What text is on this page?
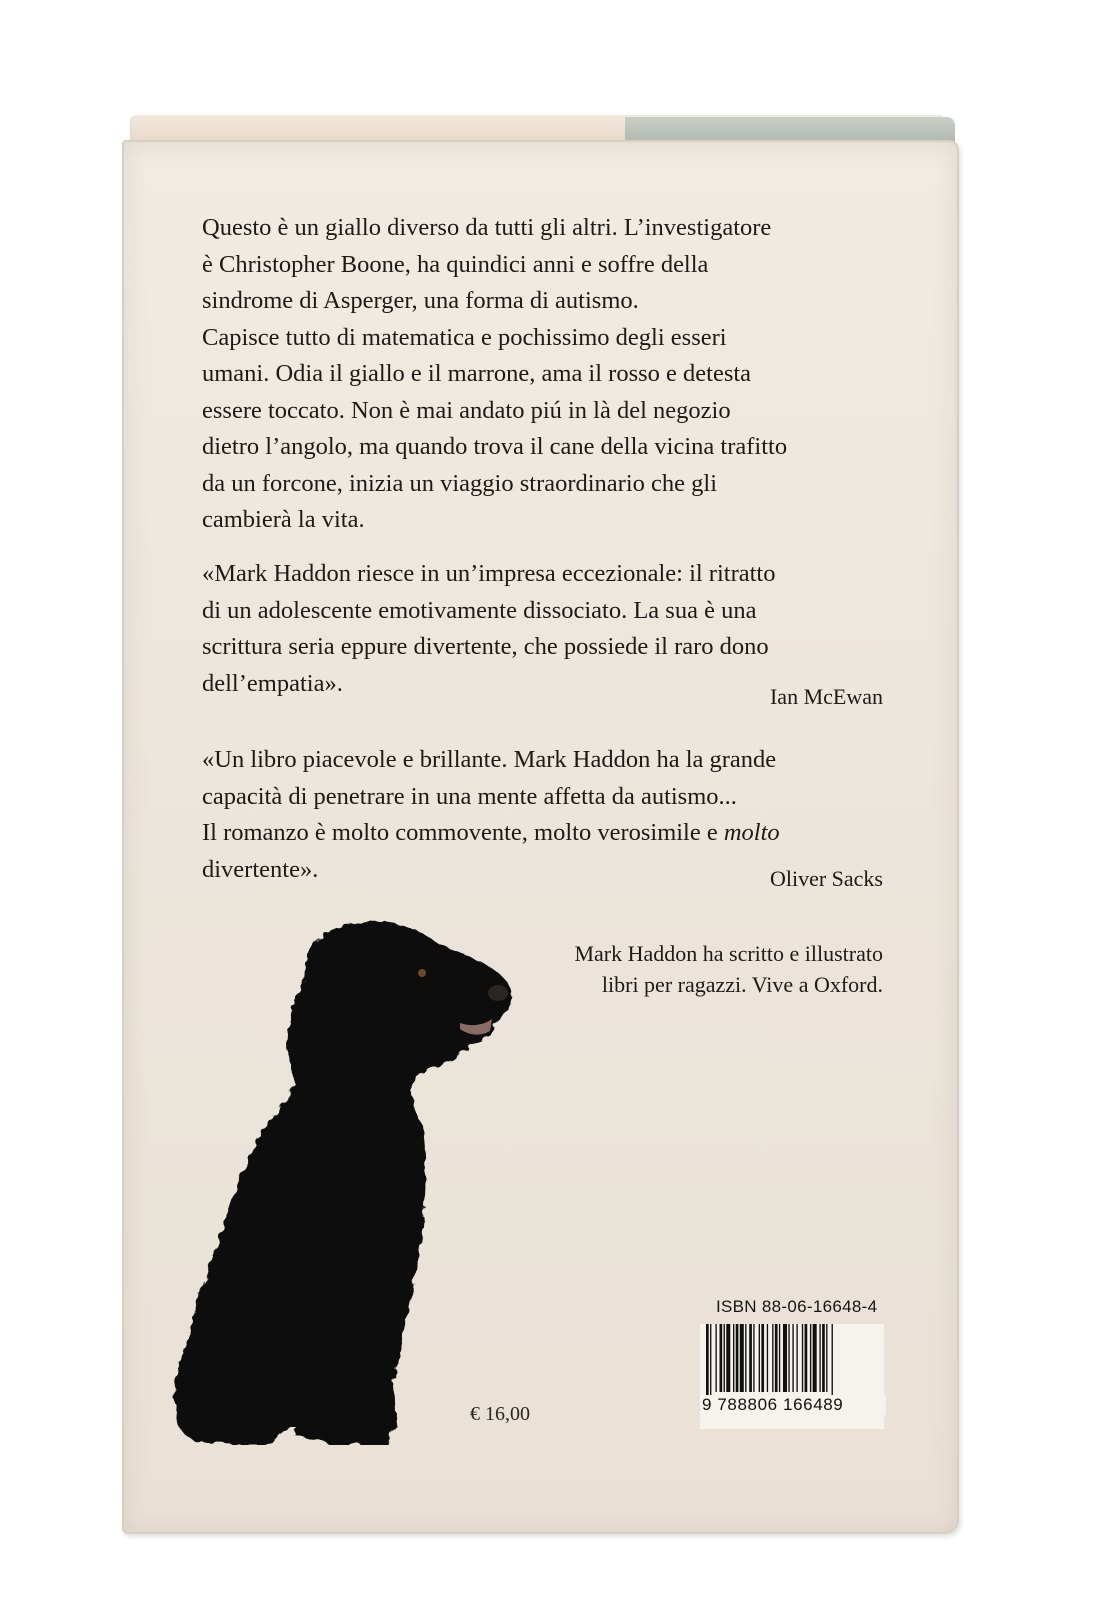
Questo è un giallo diverso da tutti gli altri. L’investigatore
è Christopher Boone, ha quindici anni e soffre della
sindrome di Asperger, una forma di autismo.
Capisce tutto di matematica e pochissimo degli esseri
umani. Odia il giallo e il marrone, ama il rosso e detesta
essere toccato. Non è mai andato piú in là del negozio
dietro l’angolo, ma quando trova il cane della vicina trafitto
da un forcone, inizia un viaggio straordinario che gli
cambierà la vita.
«Mark Haddon riesce in un’impresa eccezionale: il ritratto
di un adolescente emotivamente dissociato. La sua è una
scrittura seria eppure divertente, che possiede il raro dono
dell’empatia».	Ian McEwan
«Un libro piacevole e brillante. Mark Haddon ha la grande
capacità di penetrare in una mente affetta da autismo...
Il romanzo è molto commovente, molto verosimile e molto
divertente».	Oliver Sacks
Mark Haddon ha scritto e illustrato
libri per ragazzi. Vive a Oxford.
€ 16,00
ISBN 88-06-16648-4
9 788806 166489
